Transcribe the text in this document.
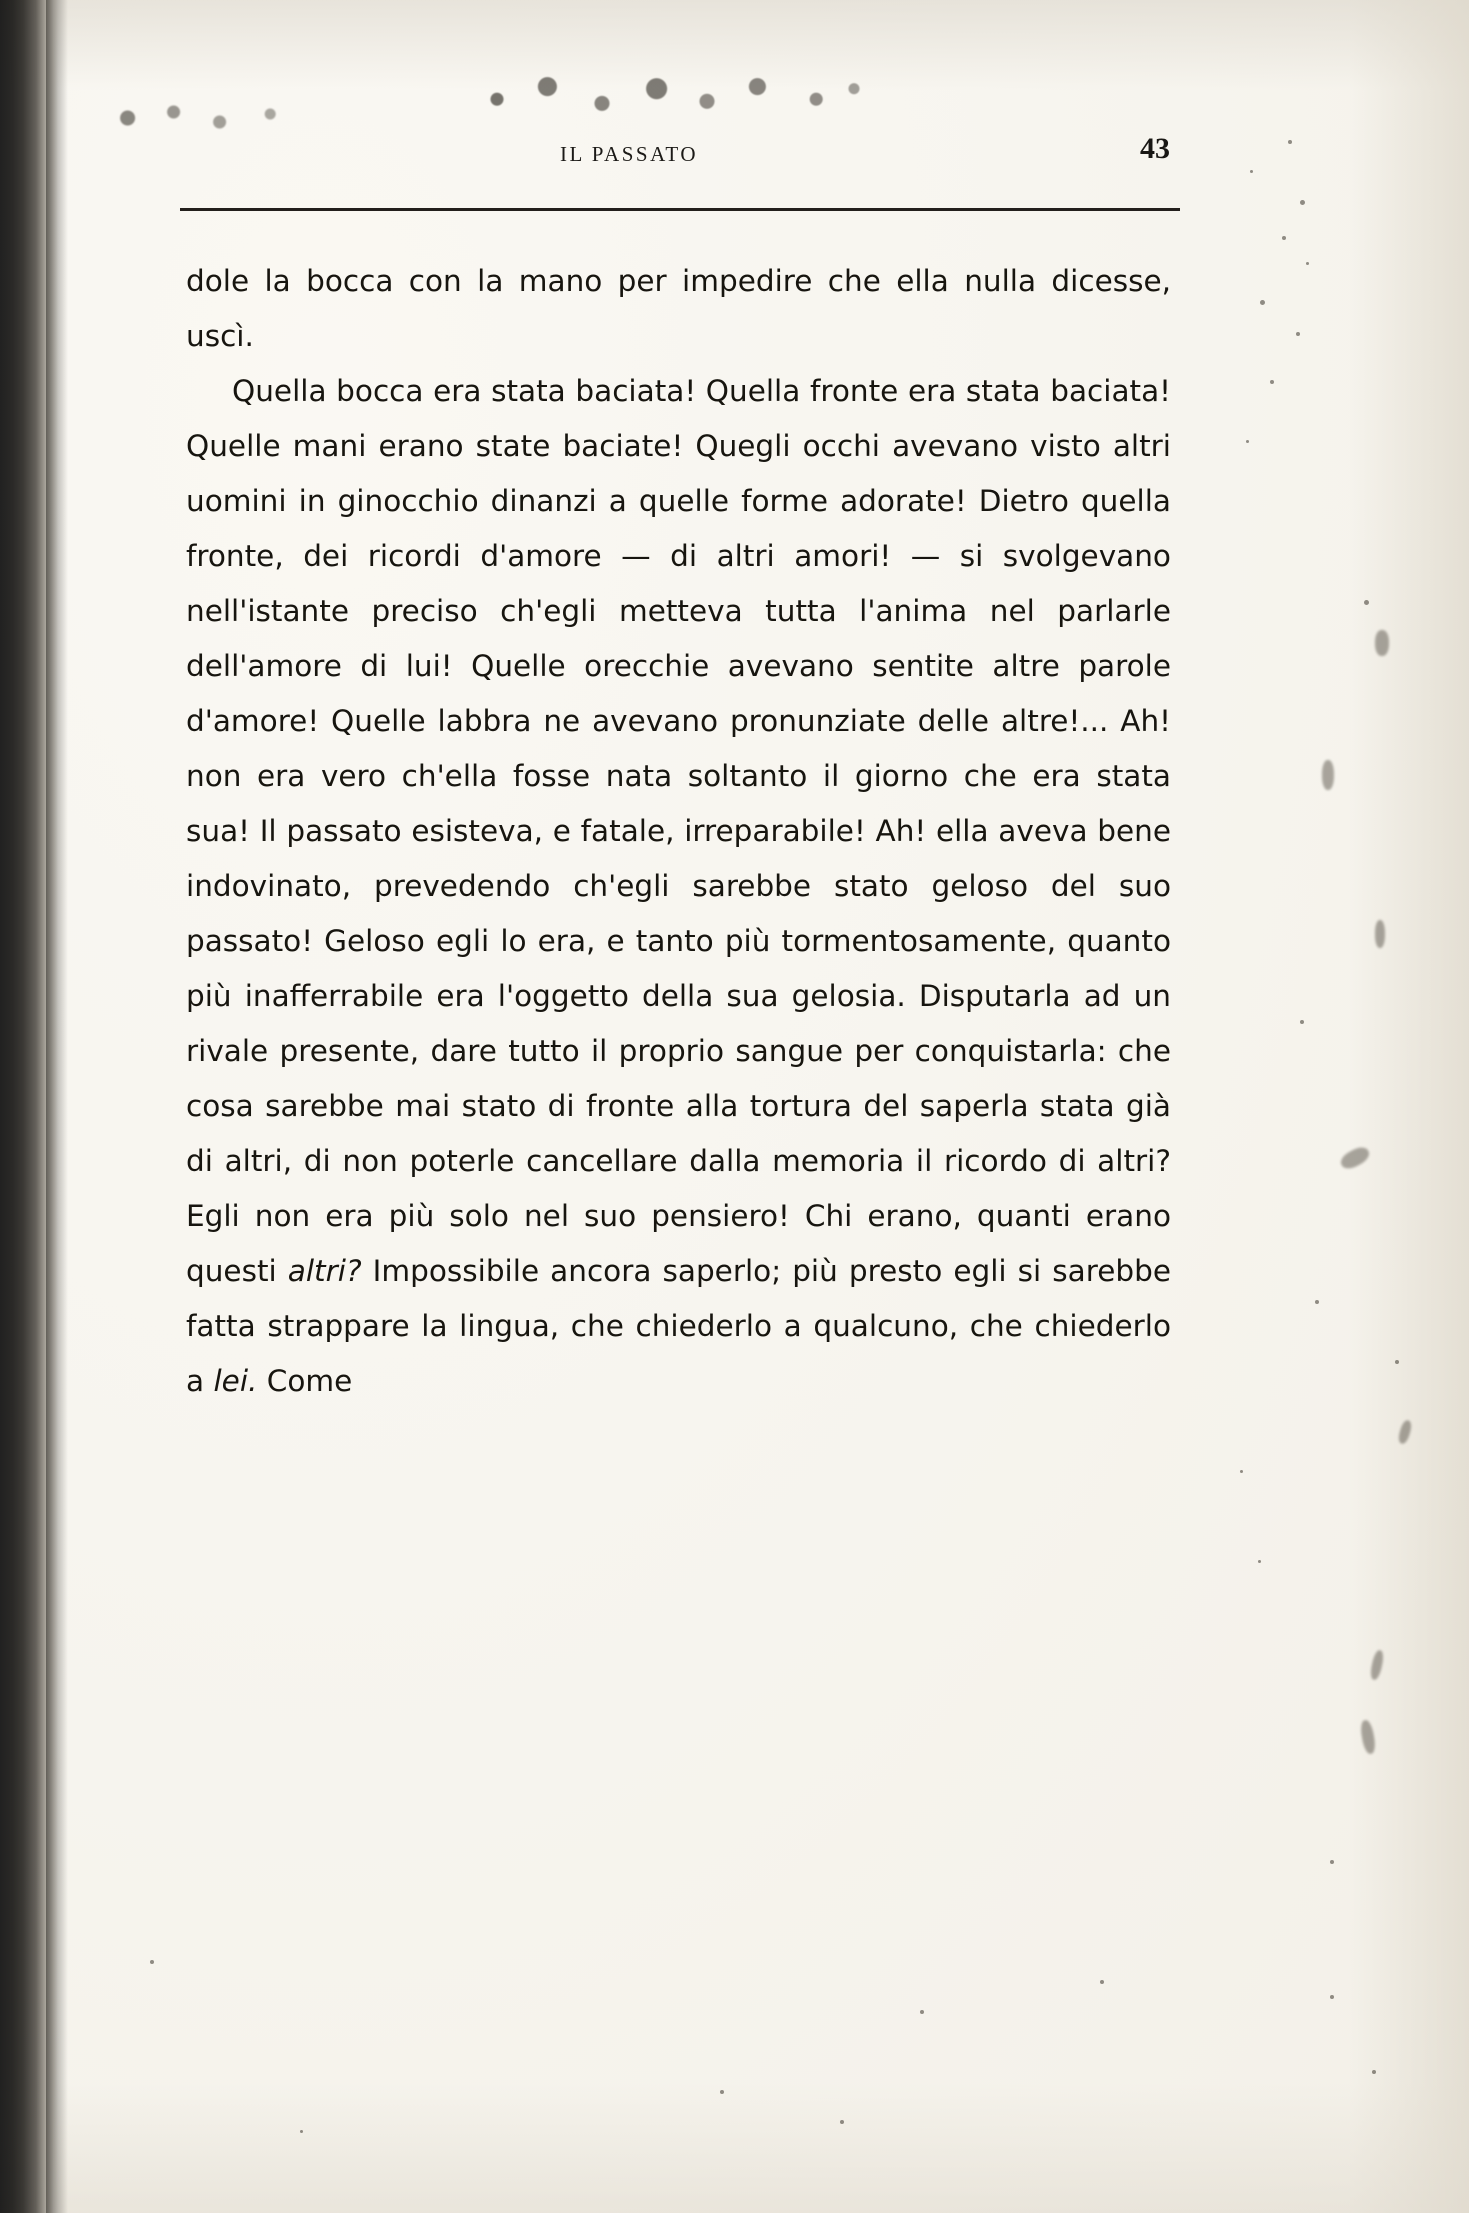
IL PASSATO	43

dole la bocca con la mano per impedire che ella nulla dicesse, uscì.

Quella bocca era stata baciata! Quella fronte era stata baciata! Quelle mani erano state baciate! Quegli occhi avevano visto altri uomini in ginocchio dinanzi a quelle forme adorate! Dietro quella fronte, dei ricordi d'amore — di altri amori! — si svolgevano nell'istante preciso ch'egli metteva tutta l'anima nel parlarle dell'amore di lui! Quelle orecchie avevano sentite altre parole d'amore! Quelle labbra ne avevano pronunziate delle altre!... Ah! non era vero ch'ella fosse nata soltanto il giorno che era stata sua! Il passato esisteva, e fatale, irreparabile! Ah! ella aveva bene indovinato, prevedendo ch'egli sarebbe stato geloso del suo passato! Geloso egli lo era, e tanto più tormentosamente, quanto più inafferrabile era l'oggetto della sua gelosia. Disputarla ad un rivale presente, dare tutto il proprio sangue per conquistarla: che cosa sarebbe mai stato di fronte alla tortura del saperla stata già di altri, di non poterle cancellare dalla memoria il ricordo di altri? Egli non era più solo nel suo pensiero! Chi erano, quanti erano questi altri? Impossibile ancora saperlo; più presto egli si sarebbe fatta strappare la lingua, che chiederlo a qualcuno, che chiederlo a lei. Come
